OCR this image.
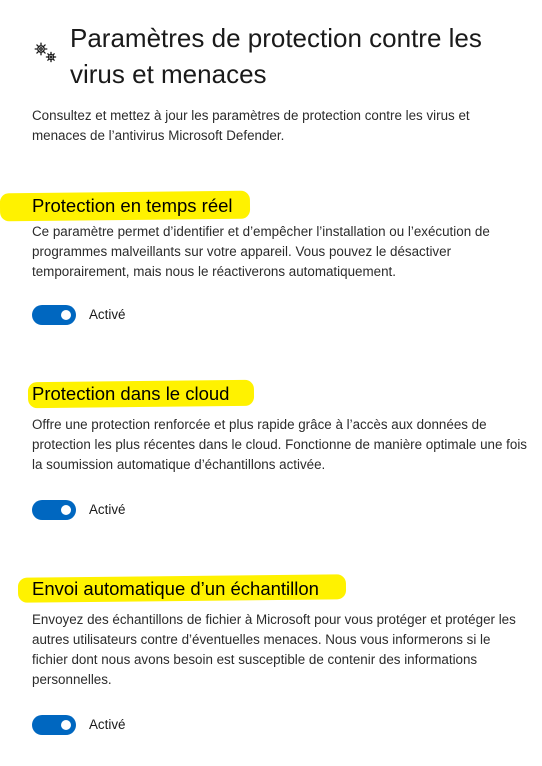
Paramètres de protection contre les virus et menaces

Consultez et mettez à jour les paramètres de protection contre les virus et menaces de l’antivirus Microsoft Defender.

Protection en temps réel

Ce paramètre permet d’identifier et d’empêcher l’installation ou l’exécution de programmes malveillants sur votre appareil. Vous pouvez le désactiver temporairement, mais nous le réactiverons automatiquement.

Activé
Protection dans le cloud

Offre une protection renforcée et plus rapide grâce à l’accès aux données de protection les plus récentes dans le cloud. Fonctionne de manière optimale une fois la soumission automatique d’échantillons activée.

Activé
Envoi automatique d’un échantillon

Envoyez des échantillons de fichier à Microsoft pour vous protéger et protéger les autres utilisateurs contre d’éventuelles menaces. Nous vous informerons si le fichier dont nous avons besoin est susceptible de contenir des informations personnelles.

Activé
